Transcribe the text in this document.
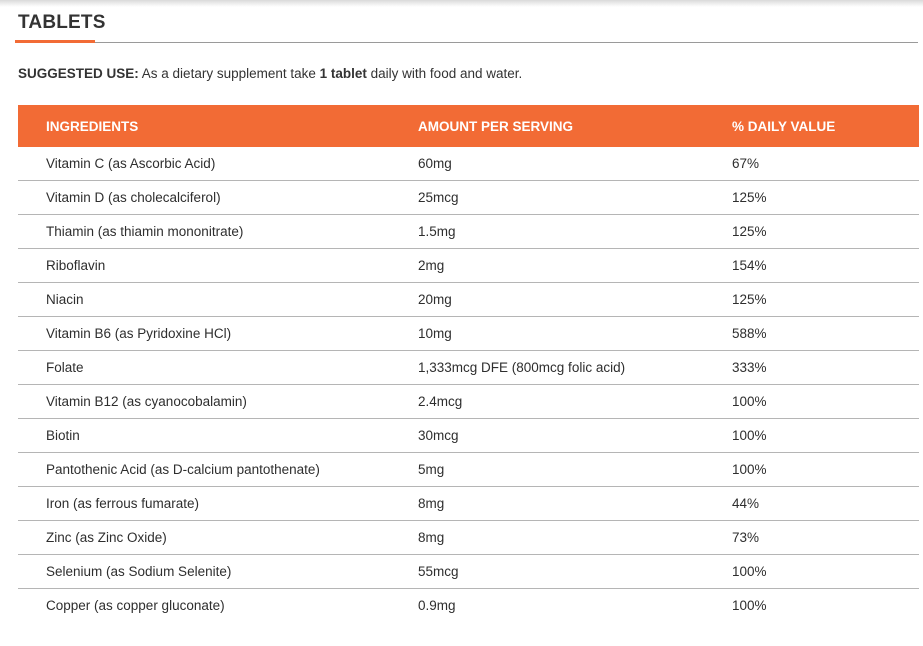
TABLETS
SUGGESTED USE: As a dietary supplement take 1 tablet daily with food and water.
INGREDIENTS	AMOUNT PER SERVING	% DAILY VALUE
Vitamin C (as Ascorbic Acid)	60mg	67%
Vitamin D (as cholecalciferol)	25mcg	125%
Thiamin (as thiamin mononitrate)	1.5mg	125%
Riboflavin	2mg	154%
Niacin	20mg	125%
Vitamin B6 (as Pyridoxine HCl)	10mg	588%
Folate	1,333mcg DFE (800mcg folic acid)	333%
Vitamin B12 (as cyanocobalamin)	2.4mcg	100%
Biotin	30mcg	100%
Pantothenic Acid (as D-calcium pantothenate)	5mg	100%
Iron (as ferrous fumarate)	8mg	44%
Zinc (as Zinc Oxide)	8mg	73%
Selenium (as Sodium Selenite)	55mcg	100%
Copper (as copper gluconate)	0.9mg	100%
